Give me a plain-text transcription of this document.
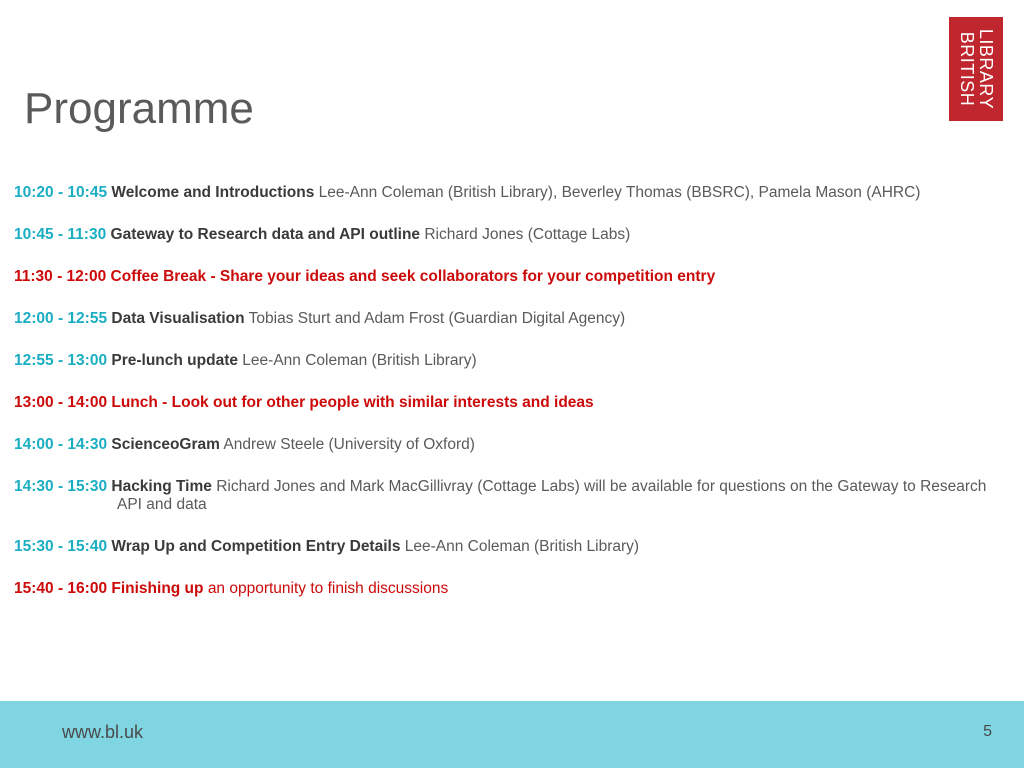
Programme	LIBRARY
BRITISH

10:20 - 10:45 Welcome and Introductions Lee-Ann Coleman (British Library), Beverley Thomas (BBSRC), Pamela Mason (AHRC)

10:45 - 11:30 Gateway to Research data and API outline Richard Jones (Cottage Labs)

11:30 - 12:00 Coffee Break - Share your ideas and seek collaborators for your competition entry

12:00 - 12:55 Data Visualisation Tobias Sturt and Adam Frost (Guardian Digital Agency)

12:55 - 13:00 Pre-lunch update Lee-Ann Coleman (British Library)

13:00 - 14:00 Lunch - Look out for other people with similar interests and ideas

14:00 - 14:30 ScienceoGram Andrew Steele (University of Oxford)

14:30 - 15:30 Hacking Time Richard Jones and Mark MacGillivray (Cottage Labs) will be available for questions on the Gateway to Research API and data

15:30 - 15:40 Wrap Up and Competition Entry Details Lee-Ann Coleman (British Library)

15:40 - 16:00 Finishing up an opportunity to finish discussions

www.bl.uk	5
